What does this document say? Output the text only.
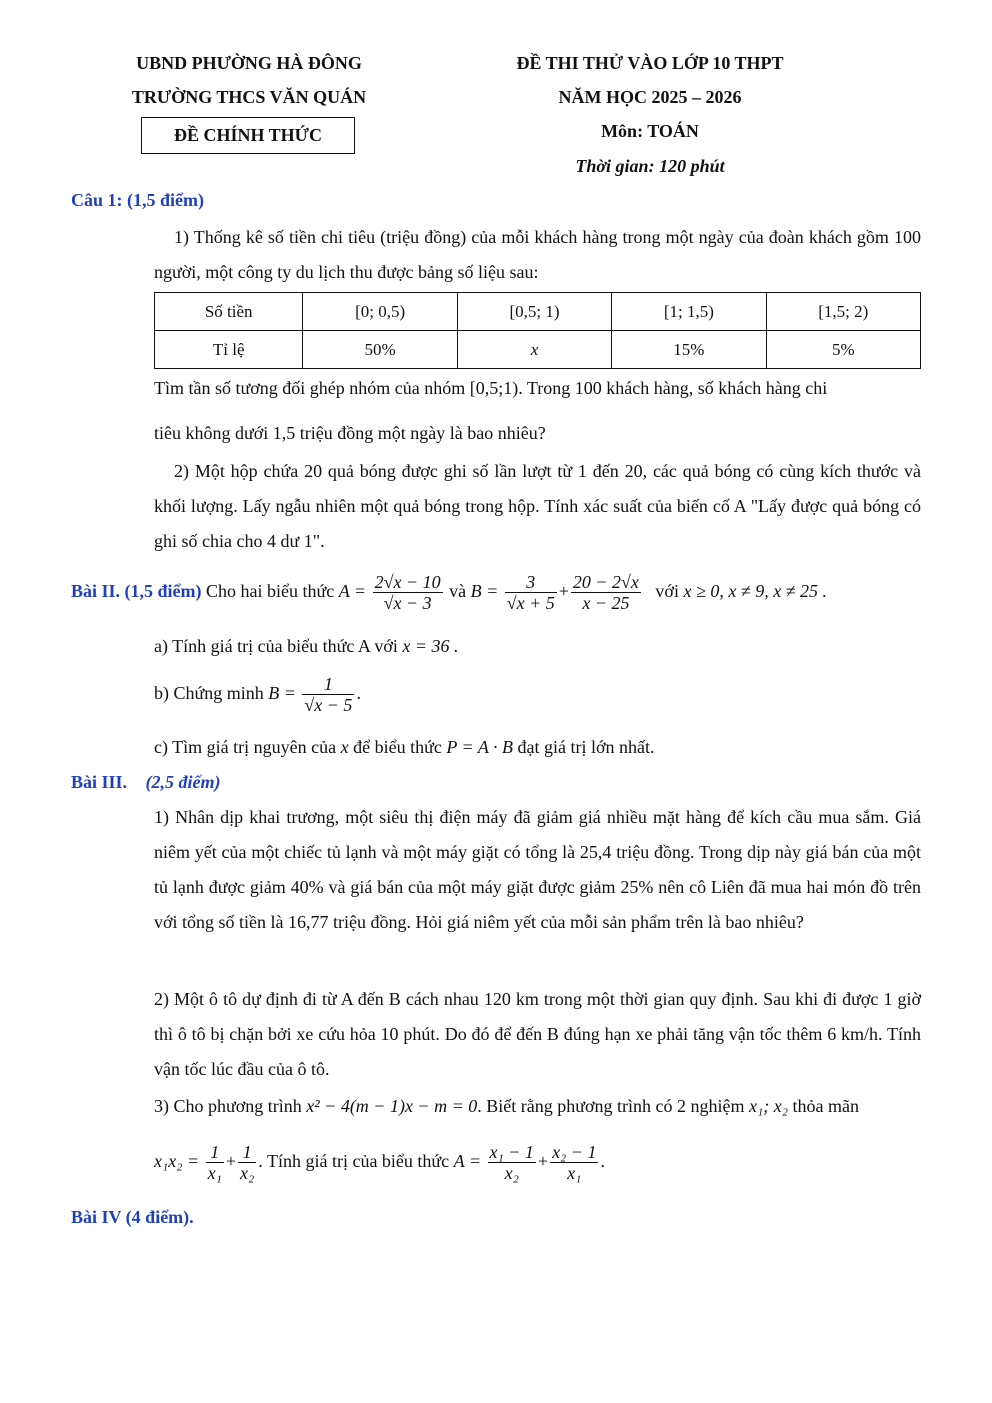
UBND PHƯỜNG HÀ ĐÔNG
TRƯỜNG THCS VĂN QUÁN
ĐỀ CHÍNH THỨC
ĐỀ THI THỬ VÀO LỚP 10 THPT
NĂM HỌC 2025 – 2026
Môn: TOÁN
Thời gian: 120 phút
Câu 1: (1,5 điểm)
1) Thống kê số tiền chi tiêu (triệu đồng) của mỗi khách hàng trong một ngày của đoàn khách gồm 100 người, một công ty du lịch thu được bảng số liệu sau:
Số tiền	[0; 0,5)	[0,5; 1)	[1; 1,5)	[1,5; 2)
Tỉ lệ	50%	x	15%	5%
Tìm tần số tương đối ghép nhóm của nhóm [0,5;1). Trong 100 khách hàng, số khách hàng chi
tiêu không dưới 1,5 triệu đồng một ngày là bao nhiêu?
2) Một hộp chứa 20 quả bóng được ghi số lần lượt từ 1 đến 20, các quả bóng có cùng kích thước và khối lượng. Lấy ngẫu nhiên một quả bóng trong hộp. Tính xác suất của biến cố A "Lấy được quả bóng có ghi số chia cho 4 dư 1".
Bài II. (1,5 điểm) Cho hai biểu thức $A = \frac{2√x - 10}{√x - 3}$ và $B = \frac{3}{√x + 5} + \frac{20 - 2√x}{x - 25}$ với x ≥ 0, x ≠ 9, x ≠ 25 .
a) Tính giá trị của biểu thức A với x = 36 .
b) Chứng minh $B = \frac{1}{√x - 5}$ .
c) Tìm giá trị nguyên của x để biểu thức P = A · B đạt giá trị lớn nhất.
Bài III. (2,5 điểm)
1) Nhân dịp khai trương, một siêu thị điện máy đã giảm giá nhiều mặt hàng để kích cầu mua sắm. Giá niêm yết của một chiếc tủ lạnh và một máy giặt có tổng là 25,4 triệu đồng. Trong dịp này giá bán của một tủ lạnh được giảm 40% và giá bán của một máy giặt được giảm 25% nên cô Liên đã mua hai món đồ trên với tổng số tiền là 16,77 triệu đồng. Hỏi giá niêm yết của mỗi sản phẩm trên là bao nhiêu?
2) Một ô tô dự định đi từ A đến B cách nhau 120 km trong một thời gian quy định. Sau khi đi được 1 giờ thì ô tô bị chặn bởi xe cứu hỏa 10 phút. Do đó để đến B đúng hạn xe phải tăng vận tốc thêm 6 km/h. Tính vận tốc lúc đầu của ô tô.
3) Cho phương trình x² − 4(m − 1)x − m = 0. Biết rằng phương trình có 2 nghiệm x₁; x₂ thỏa mãn
$x_1x_2 = \frac{1}{\text{x₁}} + \frac{1}{\text{x₂}}$ . Tính giá trị của biểu thức $A = \frac{\text{x₁ − 1}}{\text{x₂}} + \frac{\text{x₂ − 1}}{\text{x₁}}$ .
Bài IV (4 điểm).
